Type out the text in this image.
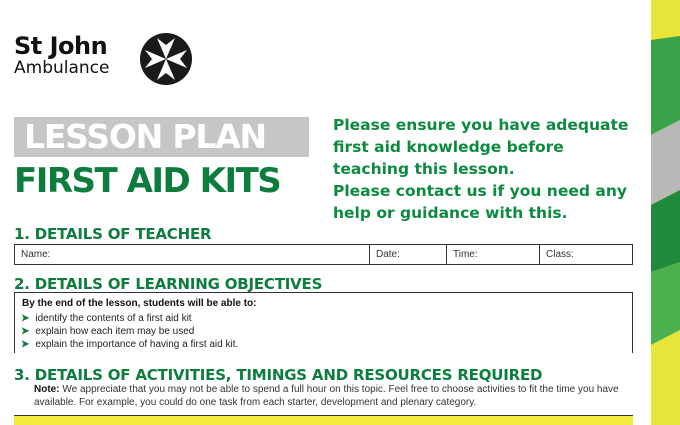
St John
Ambulance
LESSON PLAN
FIRST AID KITS

Please ensure you have adequate first aid knowledge before teaching this lesson.

Please contact us if you need any help or guidance with this.

1. DETAILS OF TEACHER
Name:	Date:	Time:	Class:
2. DETAILS OF LEARNING OBJECTIVES

By the end of the lesson, students will be able to:

➤ identify the contents of a first aid kit
➤ explain how each item may be used
➤ explain the importance of having a first aid kit.
3. DETAILS OF ACTIVITIES, TIMINGS AND RESOURCES REQUIRED

Note: We appreciate that you may not be able to spend a full hour on this topic. Feel free to choose activities to fit the time you have available. For example, you could do one task from each starter, development and plenary category.
